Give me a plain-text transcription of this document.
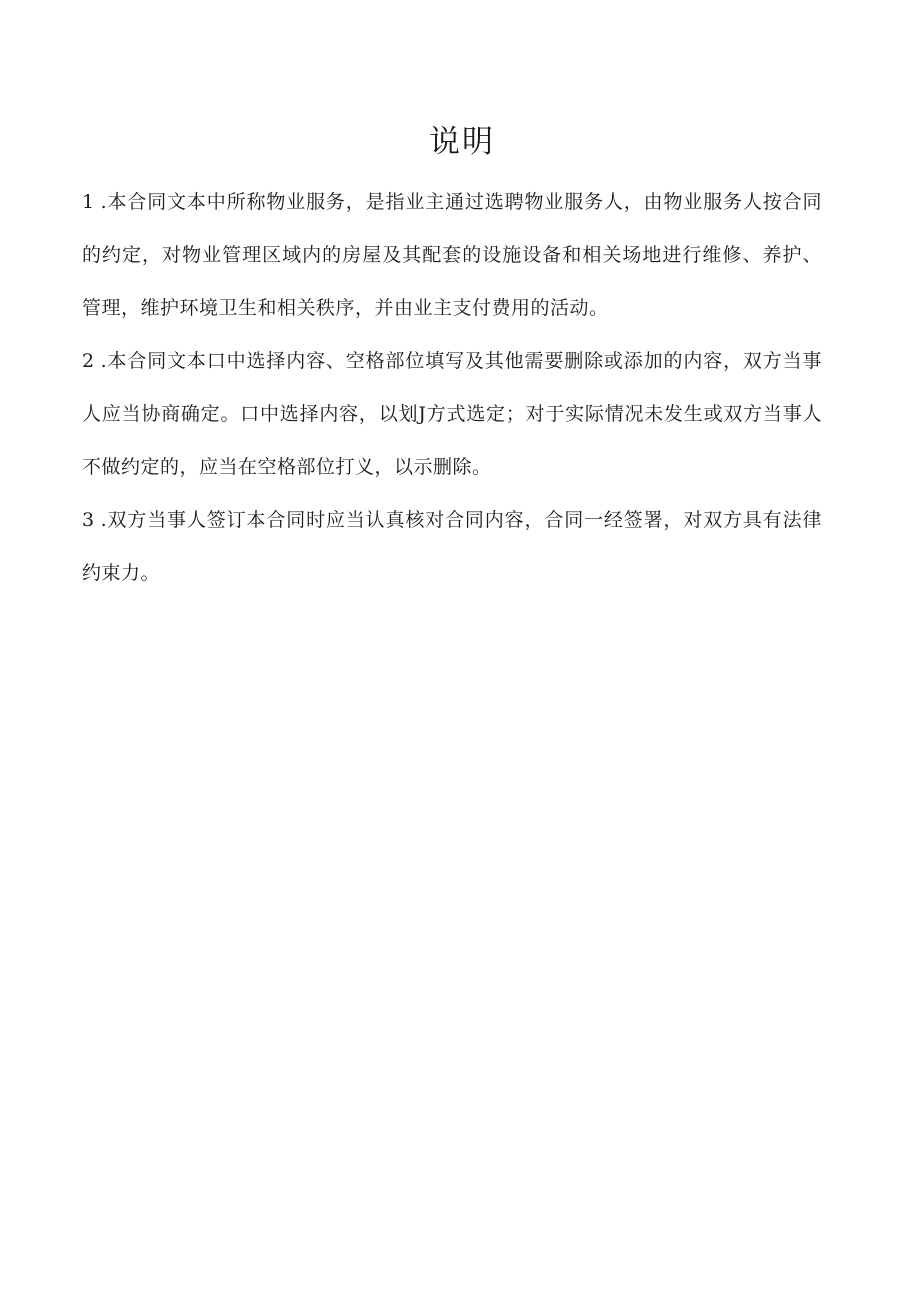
说明

1 .本合同文本中所称物业服务，是指业主通过选聘物业服务人，由物业服务人按合同的约定，对物业管理区域内的房屋及其配套的设施设备和相关场地进行维修、养护、管理，维护环境卫生和相关秩序，并由业主支付费用的活动。

2 .本合同文本口中选择内容、空格部位填写及其他需要删除或添加的内容，双方当事人应当协商确定。口中选择内容，以划J方式选定；对于实际情况未发生或双方当事人不做约定的，应当在空格部位打义，以示删除。

3 .双方当事人签订本合同时应当认真核对合同内容，合同一经签署，对双方具有法律约束力。
